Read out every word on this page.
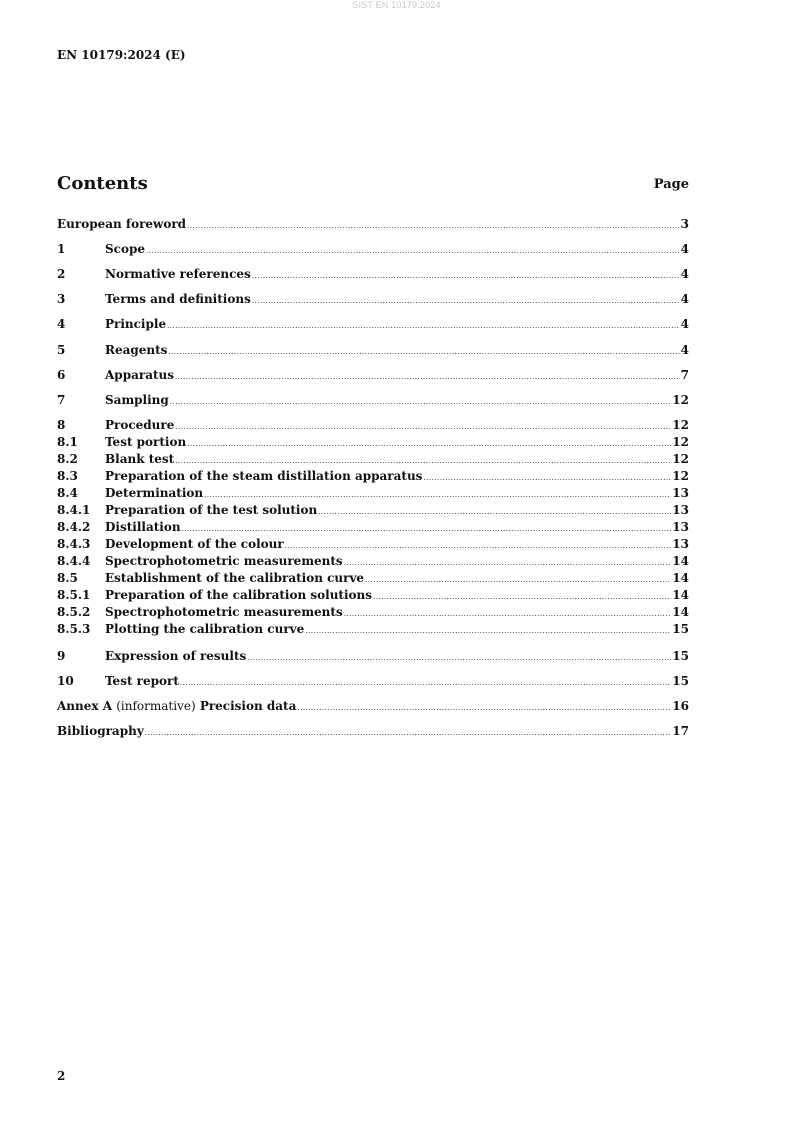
SIST EN 10179:2024
EN 10179:2024 (E)
Contents	Page
European foreword .....	3
1	Scope .....	4
2	Normative references .....	4
3	Terms and definitions .....	4
4	Principle .....	4
5	Reagents .....	4
6	Apparatus .....	7
7	Sampling .....	12
8	Procedure .....	12
8.1	Test portion .....	12
8.2	Blank test .....	12
8.3	Preparation of the steam distillation apparatus .....	12
8.4	Determination .....	13
8.4.1	Preparation of the test solution .....	13
8.4.2	Distillation .....	13
8.4.3	Development of the colour .....	13
8.4.4	Spectrophotometric measurements .....	14
8.5	Establishment of the calibration curve .....	14
8.5.1	Preparation of the calibration solutions .....	14
8.5.2	Spectrophotometric measurements .....	14
8.5.3	Plotting the calibration curve .....	15
9	Expression of results .....	15
10	Test report .....	15
Annex A (informative) Precision data .....	16
Bibliography .....	17
2
